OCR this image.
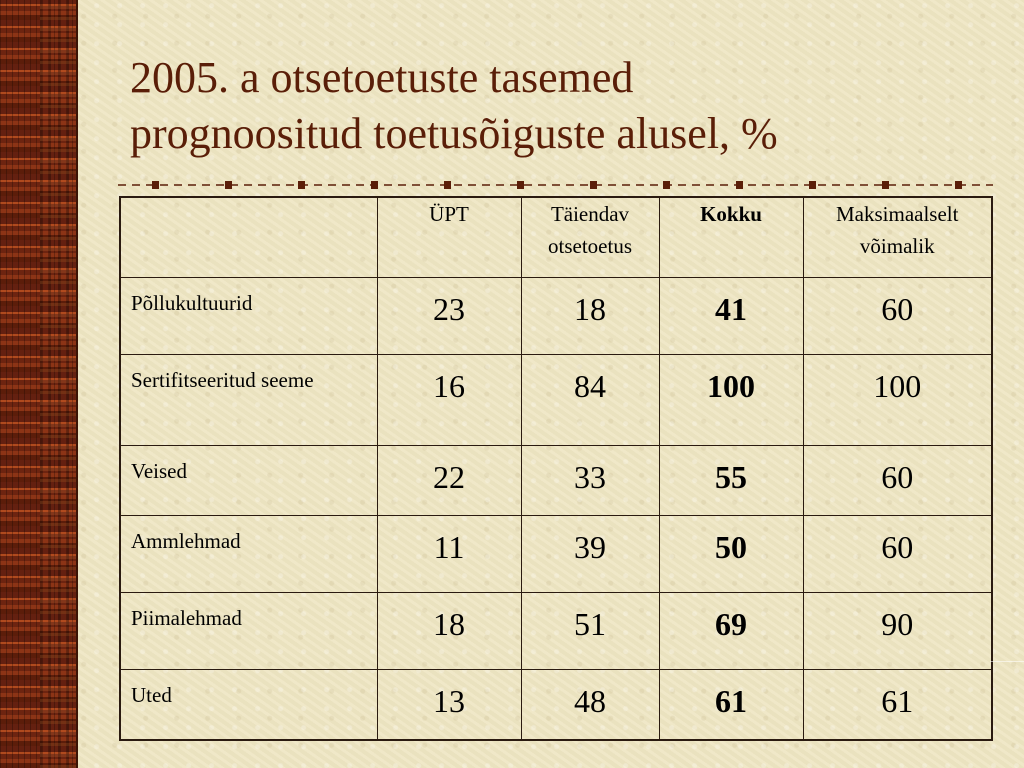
2005. a otsetoetuste tasemed
prognoositud toetusõiguste alusel, %
	ÜPT	Täiendav otsetoetus	Kokku	Maksimaalselt võimalik
Põllukultuurid	23	18	41	60
Sertifitseeritud seeme	16	84	100	100
Veised	22	33	55	60
Ammlehmad	11	39	50	60
Piimalehmad	18	51	69	90
Uted	13	48	61	61
